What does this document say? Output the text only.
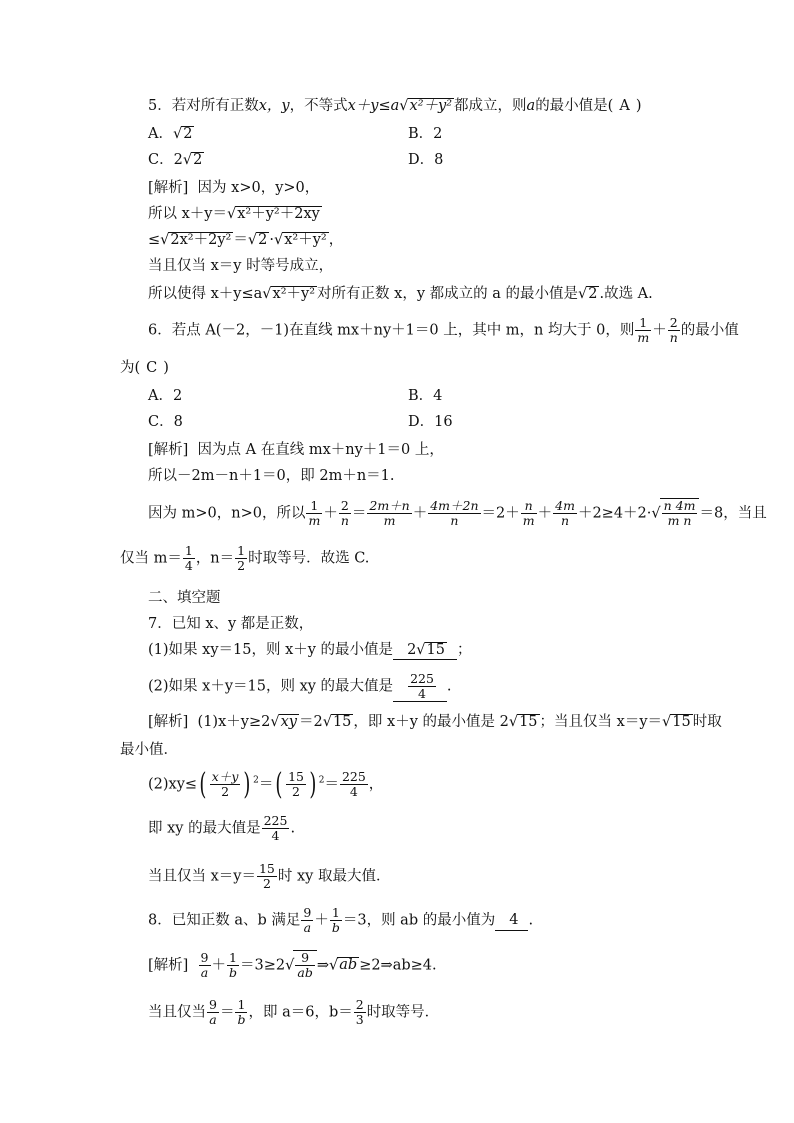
5．若对所有正数x，y，不等式x＋y≤a√x²＋y² 都成立，则a的最小值是( A )
A．√2	B．2
C．2√2	D．8
[解析] 因为 x>0，y>0，
所以 x＋y＝√x²＋y²＋2xy
≤√2x²＋2y² ＝√2 ·√x²＋y² ，
当且仅当 x＝y 时等号成立，
所以使得 x＋y≤a√x²＋y² 对所有正数 x，y 都成立的 a 的最小值是√2 .故选 A.
6．若点 A(－2，－1)在直线 mx＋ny＋1＝0 上，其中 m，n 均大于 0，则 $\frac{1}{m} + \frac{2}{n}$ 的最小值
为( C )
A．2	B．4
C．8	D．16
[解析] 因为点 A 在直线 mx＋ny＋1＝0 上，
所以－2m－n＋1＝0，即 2m＋n＝1.
因为 m>0，n>0，所以 $\frac{1}{m} + \frac{2}{n} = \frac{2m+n}{m} + \frac{4m+2n}{n} =2+ \frac{n}{m} + \frac{4m}{n} +2\ge 4+2\cdot√ \frac{n 4m}{\text{m n}} =8$，当且
仅当 $m= \frac{1}{4}$ ，$n= \frac{1}{2}$ 时取等号．故选 C.
二、填空题
7．已知 x、y 都是正数，
(1)如果 xy＝15，则 x＋y 的最小值是 2√15 ；
(2)如果 x＋y＝15，则 xy 的最大值是 $\frac{225}{4}$ .
[解析] (1)x＋y≥2√xy ＝2√15 ，即 x＋y 的最小值是 2√15 ；当且仅当 x＝y＝√15 时取
最小值．
$(2)xy\le( \frac{x+y}{2}$ ) $^2=( \frac{15}{2}$ ) $^2= \frac{225}{4}$ ，
即 xy 的最大值是 $\frac{225}{4}$ .
当且仅当 $x=y= \frac{15}{2}$ 时 xy 取最大值．
8．已知正数 a、b 满足 $\frac{9}{a} + \frac{1}{b} =3$，则 ab 的最小值为 4 .
[解析] $\frac{9}{a} + \frac{1}{b} =3\ge 2√ \frac{9}{ab}$ ⇒√ab ≥2⇒ab≥4.
当且仅当 $\frac{9}{a} = \frac{1}{b}$ ，即 a＝6，$b= \frac{2}{3}$ 时取等号．
